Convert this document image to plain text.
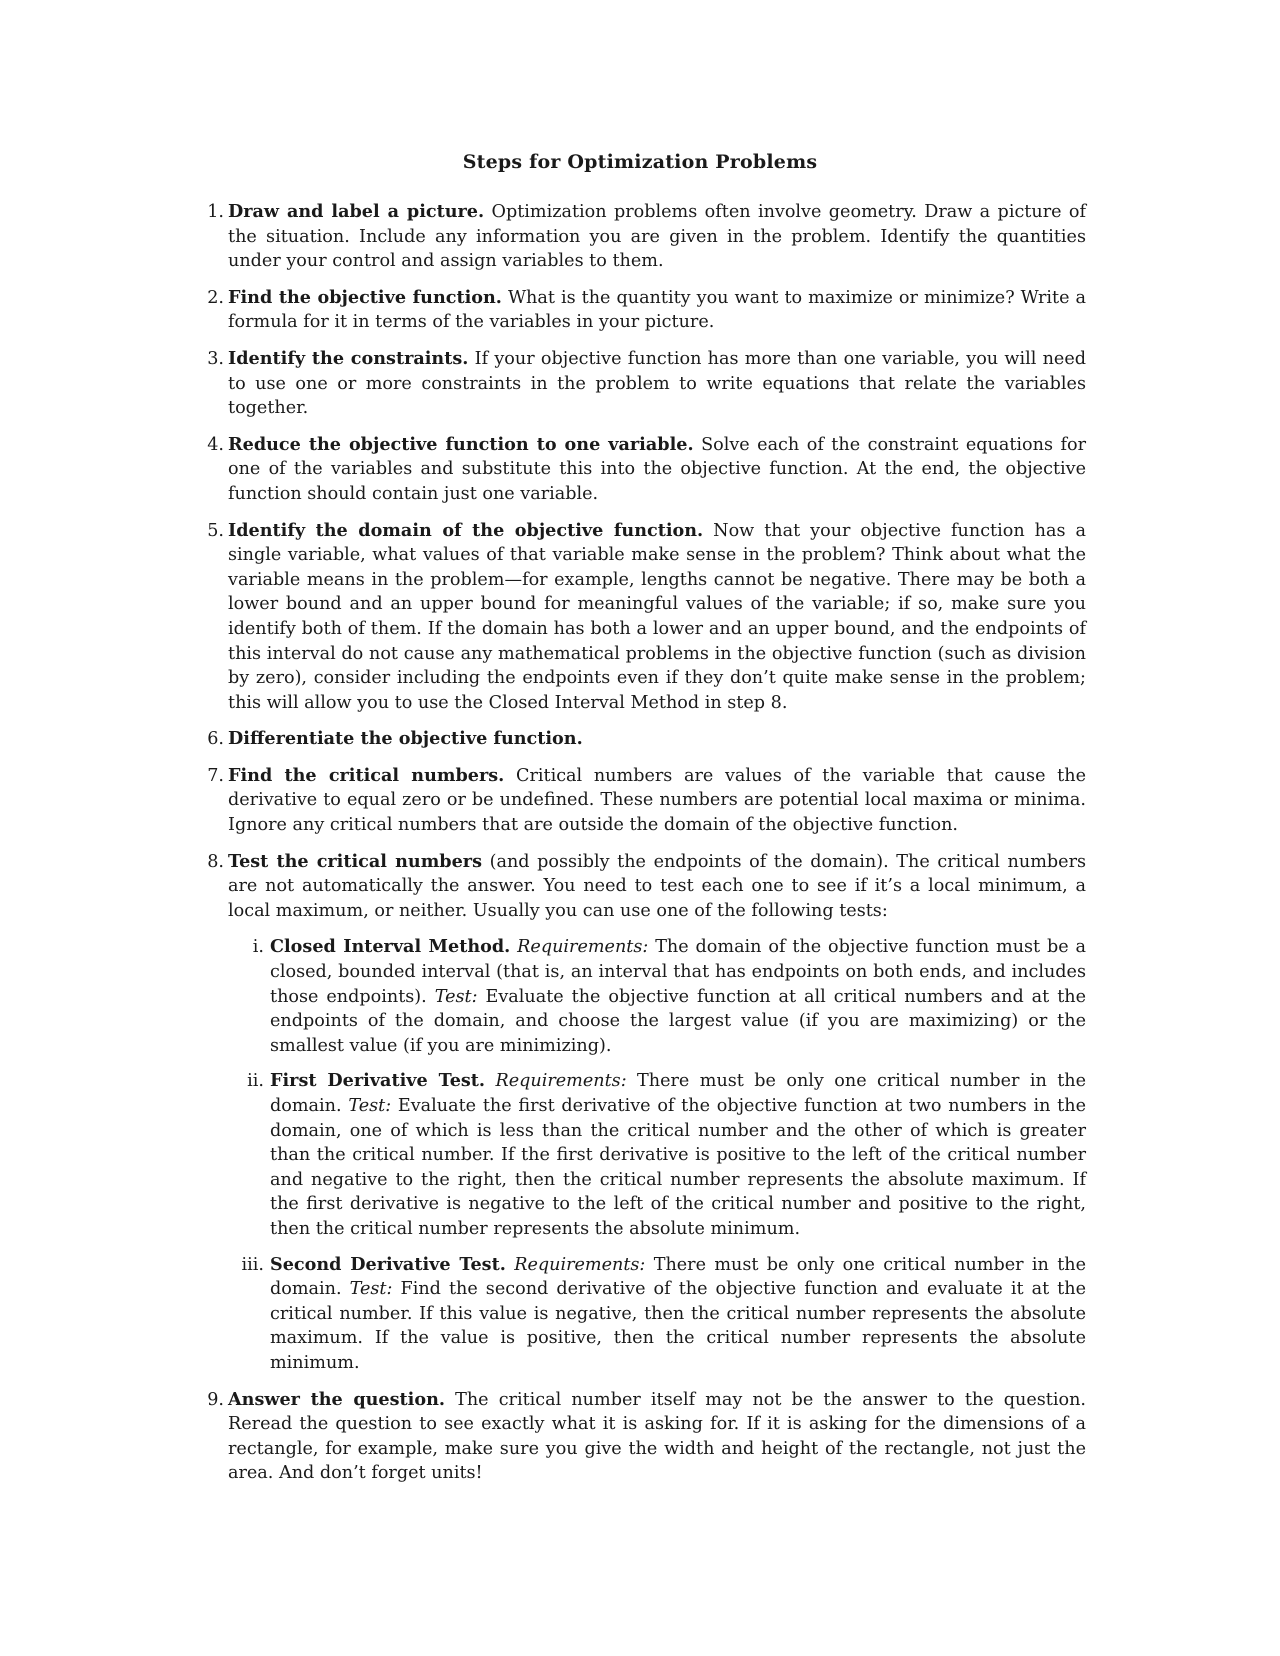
Steps for Optimization Problems
1. Draw and label a picture. Optimization problems often involve geometry. Draw a picture of the situation. Include any information you are given in the problem. Identify the quantities under your control and assign variables to them.
2. Find the objective function. What is the quantity you want to maximize or minimize? Write a formula for it in terms of the variables in your picture.
3. Identify the constraints. If your objective function has more than one variable, you will need to use one or more constraints in the problem to write equations that relate the variables together.
4. Reduce the objective function to one variable. Solve each of the constraint equations for one of the variables and substitute this into the objective function. At the end, the objective function should contain just one variable.
5. Identify the domain of the objective function. Now that your objective function has a single variable, what values of that variable make sense in the problem? Think about what the variable means in the problem—for example, lengths cannot be negative. There may be both a lower bound and an upper bound for meaningful values of the variable; if so, make sure you identify both of them. If the domain has both a lower and an upper bound, and the endpoints of this interval do not cause any mathematical problems in the objective function (such as division by zero), consider including the endpoints even if they don’t quite make sense in the problem; this will allow you to use the Closed Interval Method in step 8.
6. Differentiate the objective function.
7. Find the critical numbers. Critical numbers are values of the variable that cause the derivative to equal zero or be undefined. These numbers are potential local maxima or minima. Ignore any critical numbers that are outside the domain of the objective function.
8. Test the critical numbers (and possibly the endpoints of the domain). The critical numbers are not automatically the answer. You need to test each one to see if it’s a local minimum, a local maximum, or neither. Usually you can use one of the following tests:
i. Closed Interval Method. Requirements: The domain of the objective function must be a closed, bounded interval (that is, an interval that has endpoints on both ends, and includes those endpoints). Test: Evaluate the objective function at all critical numbers and at the endpoints of the domain, and choose the largest value (if you are maximizing) or the smallest value (if you are minimizing).
ii. First Derivative Test. Requirements: There must be only one critical number in the domain. Test: Evaluate the first derivative of the objective function at two numbers in the domain, one of which is less than the critical number and the other of which is greater than the critical number. If the first derivative is positive to the left of the critical number and negative to the right, then the critical number represents the absolute maximum. If the first derivative is negative to the left of the critical number and positive to the right, then the critical number represents the absolute minimum.
iii. Second Derivative Test. Requirements: There must be only one critical number in the domain. Test: Find the second derivative of the objective function and evaluate it at the critical number. If this value is negative, then the critical number represents the absolute maximum. If the value is positive, then the critical number represents the absolute minimum.
9. Answer the question. The critical number itself may not be the answer to the question. Reread the question to see exactly what it is asking for. If it is asking for the dimensions of a rectangle, for example, make sure you give the width and height of the rectangle, not just the area. And don’t forget units!
